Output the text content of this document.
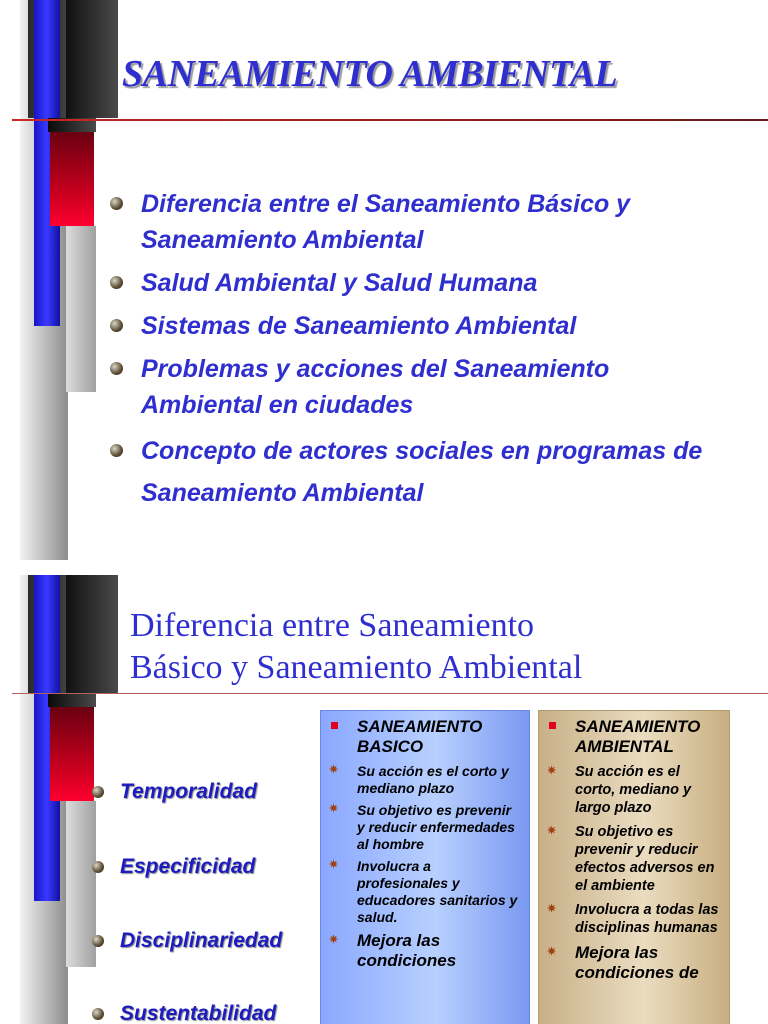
SANEAMIENTO AMBIENTAL
Diferencia entre el Saneamiento Básico y Saneamiento Ambiental
Salud Ambiental y Salud Humana
Sistemas de Saneamiento Ambiental
Problemas y acciones del Saneamiento Ambiental en ciudades
Concepto de actores sociales en programas de Saneamiento Ambiental
Diferencia entre Saneamiento
Básico y Saneamiento Ambiental
Temporalidad
Especificidad
Disciplinariedad
Sustentabilidad
SANEAMIENTO BASICO
✷ Su acción es el corto y mediano plazo
✷ Su objetivo es prevenir y reducir enfermedades al hombre
✷ Involucra a profesionales y educadores sanitarios y salud.
✷ Mejora las condiciones
SANEAMIENTO AMBIENTAL
✷ Su acción es el corto, mediano y largo plazo
✷ Su objetivo es prevenir y reducir efectos adversos en el ambiente
✷ Involucra a todas las disciplinas humanas
✷ Mejora las condiciones de
